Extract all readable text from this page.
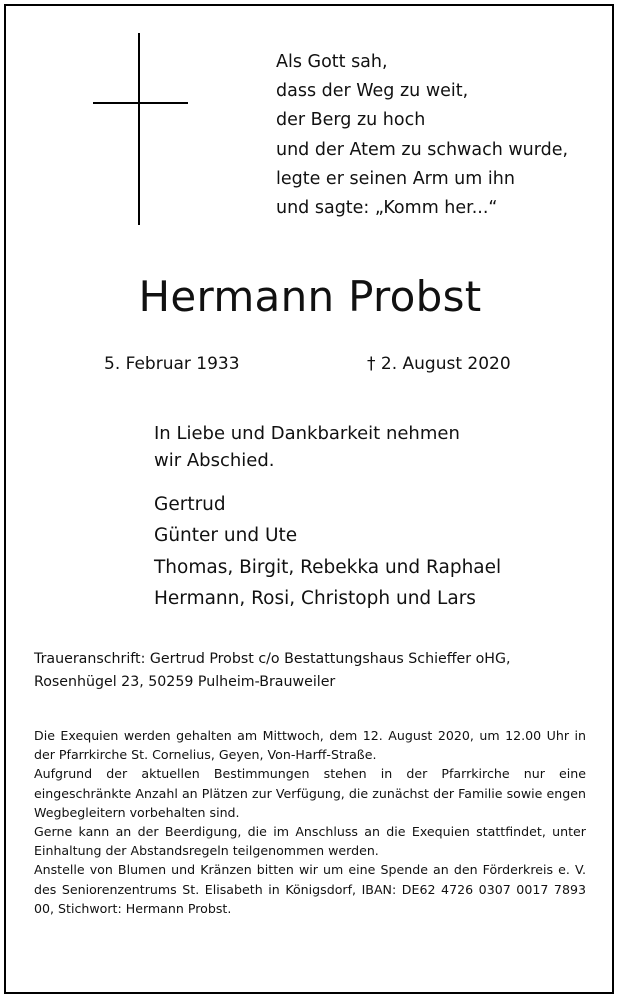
Als Gott sah,
dass der Weg zu weit,
der Berg zu hoch
und der Atem zu schwach wurde,
legte er seinen Arm um ihn
und sagte: „Komm her...“
Hermann Probst
5. Februar 1933	† 2. August 2020
In Liebe und Dankbarkeit nehmen
wir Abschied.
Gertrud
Günter und Ute
Thomas, Birgit, Rebekka und Raphael
Hermann, Rosi, Christoph und Lars
Traueranschrift: Gertrud Probst c/o Bestattungshaus Schieffer oHG,
Rosenhügel 23, 50259 Pulheim-Brauweiler

Die Exequien werden gehalten am Mittwoch, dem 12. August 2020, um 12.00 Uhr in der Pfarrkirche St. Cornelius, Geyen, Von-Harff-Straße.

Aufgrund der aktuellen Bestimmungen stehen in der Pfarrkirche nur eine eingeschränkte Anzahl an Plätzen zur Verfügung, die zunächst der Familie sowie engen Wegbegleitern vorbehalten sind.

Gerne kann an der Beerdigung, die im Anschluss an die Exequien stattfindet, unter Einhaltung der Abstandsregeln teilgenommen werden.

Anstelle von Blumen und Kränzen bitten wir um eine Spende an den Förderkreis e. V. des Seniorenzentrums St. Elisabeth in Königsdorf, IBAN: DE62 4726 0307 0017 7893 00, Stichwort: Hermann Probst.
